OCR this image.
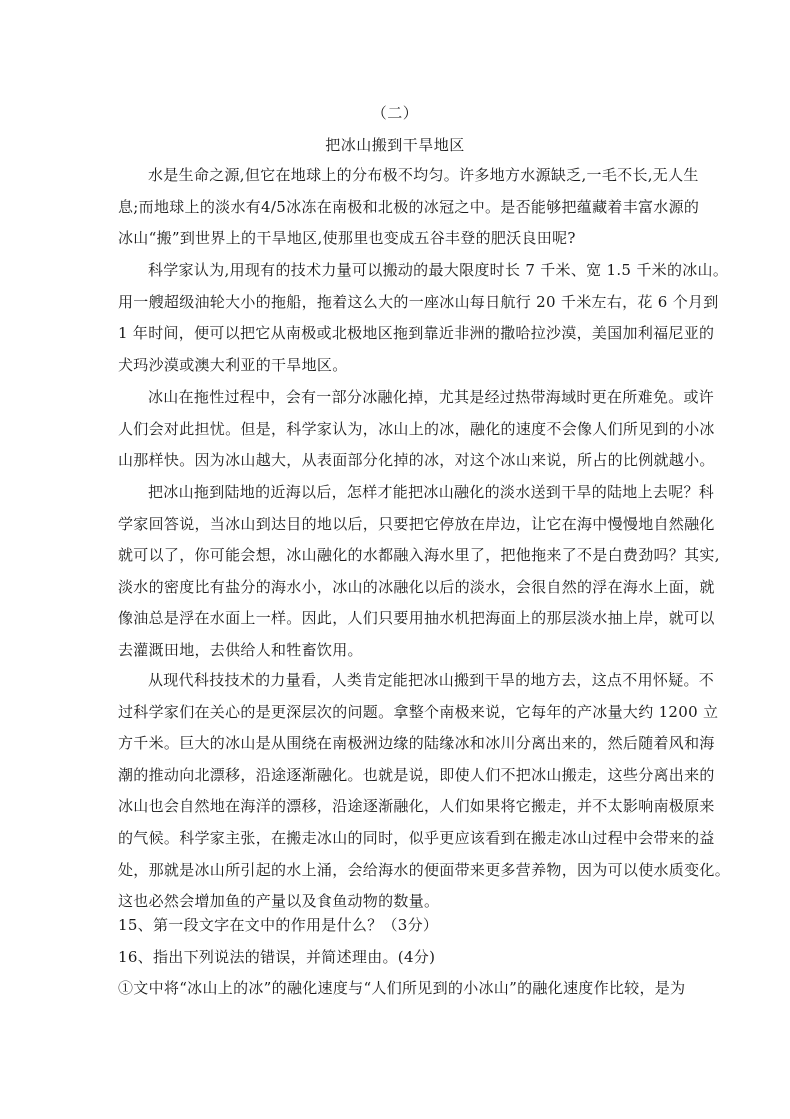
（二）
把冰山搬到干旱地区
水是生命之源,但它在地球上的分布极不均匀。许多地方水源缺乏,一毛不长,无人生
息;而地球上的淡水有4/5冰冻在南极和北极的冰冠之中。是否能够把蕴藏着丰富水源的
冰山“搬”到世界上的干旱地区,使那里也变成五谷丰登的肥沃良田呢?
科学家认为,用现有的技术力量可以搬动的最大限度时长 7 千米、宽 1.5 千米的冰山。
用一艘超级油轮大小的拖船，拖着这么大的一座冰山每日航行 20 千米左右，花 6 个月到
1 年时间，便可以把它从南极或北极地区拖到靠近非洲的撒哈拉沙漠，美国加利福尼亚的
犬玛沙漠或澳大利亚的干旱地区。
冰山在拖性过程中，会有一部分冰融化掉，尤其是经过热带海域时更在所难免。或许
人们会对此担忧。但是，科学家认为，冰山上的冰，融化的速度不会像人们所见到的小冰
山那样快。因为冰山越大，从表面部分化掉的冰，对这个冰山来说，所占的比例就越小。
把冰山拖到陆地的近海以后，怎样才能把冰山融化的淡水送到干旱的陆地上去呢？科
学家回答说，当冰山到达目的地以后，只要把它停放在岸边，让它在海中慢慢地自然融化
就可以了，你可能会想，冰山融化的水都融入海水里了，把他拖来了不是白费劲吗？其实,
淡水的密度比有盐分的海水小，冰山的冰融化以后的淡水，会很自然的浮在海水上面，就
像油总是浮在水面上一样。因此，人们只要用抽水机把海面上的那层淡水抽上岸，就可以
去灌溉田地，去供给人和牲畜饮用。
从现代科技技术的力量看，人类肯定能把冰山搬到干旱的地方去，这点不用怀疑。不
过科学家们在关心的是更深层次的问题。拿整个南极来说，它每年的产冰量大约 1200 立
方千米。巨大的冰山是从围绕在南极洲边缘的陆缘冰和冰川分离出来的，然后随着风和海
潮的推动向北漂移，沿途逐渐融化。也就是说，即使人们不把冰山搬走，这些分离出来的
冰山也会自然地在海洋的漂移，沿途逐渐融化，人们如果将它搬走，并不太影响南极原来
的气候。科学家主张，在搬走冰山的同时，似乎更应该看到在搬走冰山过程中会带来的益
处，那就是冰山所引起的水上涌，会给海水的便面带来更多营养物，因为可以使水质变化。
这也必然会增加鱼的产量以及食鱼动物的数量。
15、第一段文字在文中的作用是什么？（3分）
16、指出下列说法的错误，并简述理由。(4分)
①文中将“冰山上的冰”的融化速度与“人们所见到的小冰山”的融化速度作比较，是为
